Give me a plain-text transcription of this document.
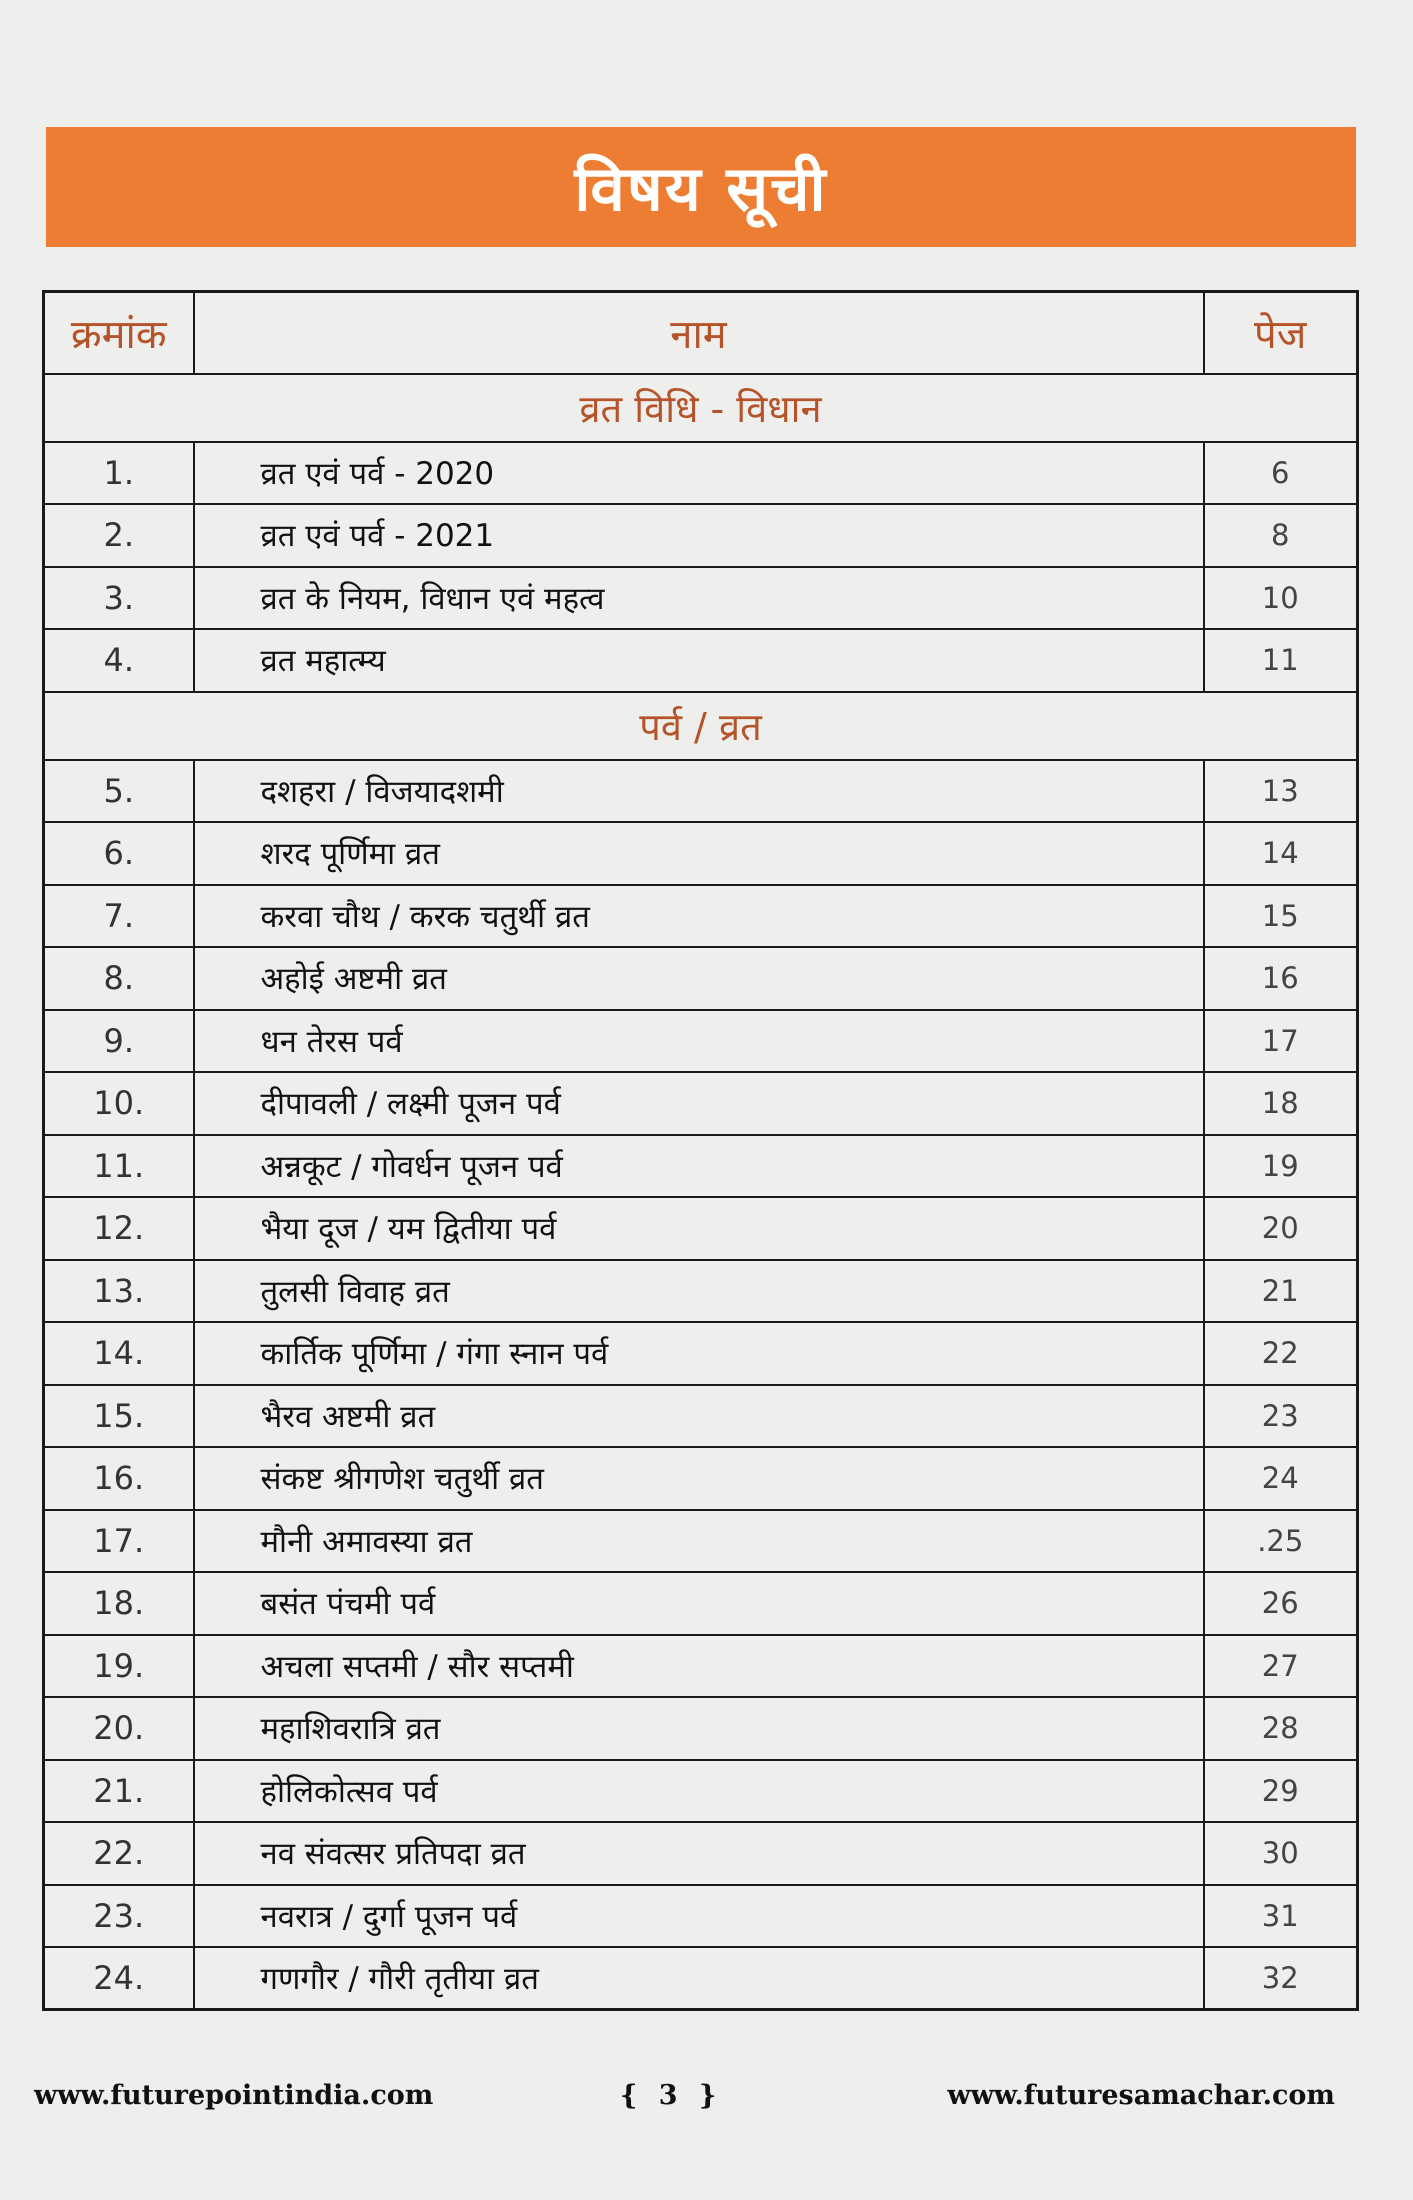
विषय सूची
क्रमांक	नाम	पेज
व्रत विधि - विधान		
1.	व्रत एवं पर्व - 2020	6
2.	व्रत एवं पर्व - 2021	8
3.	व्रत के नियम, विधान एवं महत्व	10
4.	व्रत महात्म्य	11
पर्व / व्रत		
5.	दशहरा / विजयादशमी	13
6.	शरद पूर्णिमा व्रत	14
7.	करवा चौथ / करक चतुर्थी व्रत	15
8.	अहोई अष्टमी व्रत	16
9.	धन तेरस पर्व	17
10.	दीपावली / लक्ष्मी पूजन पर्व	18
11.	अन्नकूट / गोवर्धन पूजन पर्व	19
12.	भैया दूज / यम द्वितीया पर्व	20
13.	तुलसी विवाह व्रत	21
14.	कार्तिक पूर्णिमा / गंगा स्नान पर्व	22
15.	भैरव अष्टमी व्रत	23
16.	संकष्ट श्रीगणेश चतुर्थी व्रत	24
17.	मौनी अमावस्या व्रत	.25
18.	बसंत पंचमी पर्व	26
19.	अचला सप्तमी / सौर सप्तमी	27
20.	महाशिवरात्रि व्रत	28
21.	होलिकोत्सव पर्व	29
22.	नव संवत्सर प्रतिपदा व्रत	30
23.	नवरात्र / दुर्गा पूजन पर्व	31
24.	गणगौर / गौरी तृतीया व्रत	32
www.futurepointindia.com	{ 3 }	www.futuresamachar.com
